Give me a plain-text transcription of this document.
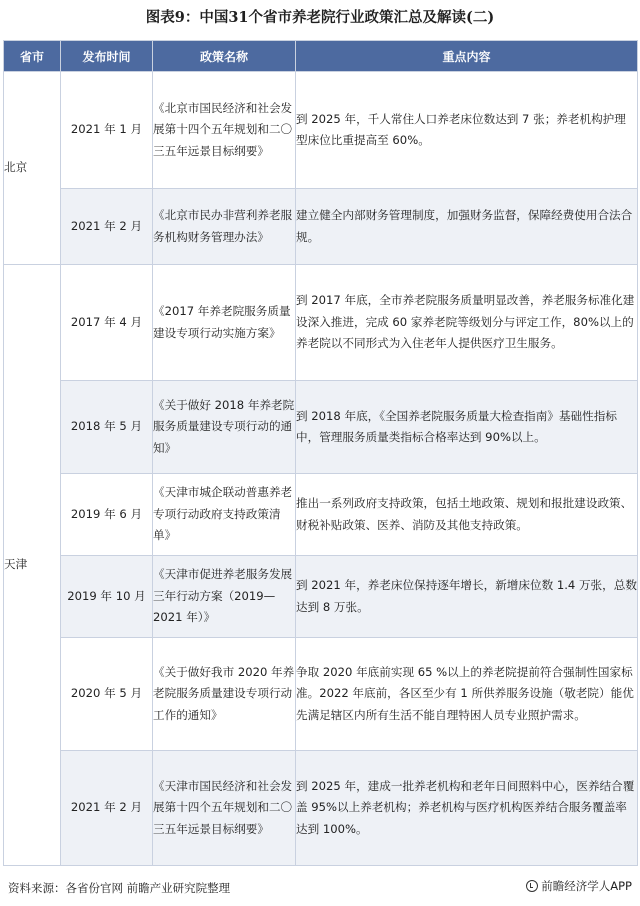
图表9：中国31个省市养老院行业政策汇总及解读(二)
省市	发布时间	政策名称	重点内容
北京	2021 年 1 月	《北京市国民经济和社会发展第十四个五年规划和二〇三五年远景目标纲要》	到 2025 年，千人常住人口养老床位数达到 7 张；养老机构护理型床位比重提高至 60%。
	2021 年 2 月	《北京市民办非营利养老服务机构财务管理办法》	建立健全内部财务管理制度，加强财务监督，保障经费使用合法合规。
天津	2017 年 4 月	《2017 年养老院服务质量建设专项行动实施方案》	到 2017 年底，全市养老院服务质量明显改善，养老服务标准化建设深入推进，完成 60 家养老院等级划分与评定工作，80%以上的养老院以不同形式为入住老年人提供医疗卫生服务。
	2018 年 5 月	《关于做好 2018 年养老院服务质量建设专项行动的通知》	到 2018 年底，《全国养老院服务质量大检查指南》基础性指标中，管理服务质量类指标合格率达到 90%以上。
	2019 年 6 月	《天津市城企联动普惠养老专项行动政府支持政策清单》	推出一系列政府支持政策，包括土地政策、规划和报批建设政策、财税补贴政策、医养、消防及其他支持政策。
	2019 年 10 月	《天津市促进养老服务发展三年行动方案（2019—2021 年）》	到 2021 年，养老床位保持逐年增长，新增床位数 1.4 万张，总数达到 8 万张。
	2020 年 5 月	《关于做好我市 2020 年养老院服务质量建设专项行动工作的通知》	争取 2020 年底前实现 65 %以上的养老院提前符合强制性国家标准。2022 年底前，各区至少有 1 所供养服务设施（敬老院）能优先满足辖区内所有生活不能自理特困人员专业照护需求。
	2021 年 2 月	《天津市国民经济和社会发展第十四个五年规划和二〇三五年远景目标纲要》	到 2025 年，建成一批养老机构和老年日间照料中心，医养结合覆盖 95%以上养老机构；养老机构与医疗机构医养结合服务覆盖率达到 100%。
资料来源：各省份官网 前瞻产业研究院整理	前瞻经济学人APP
